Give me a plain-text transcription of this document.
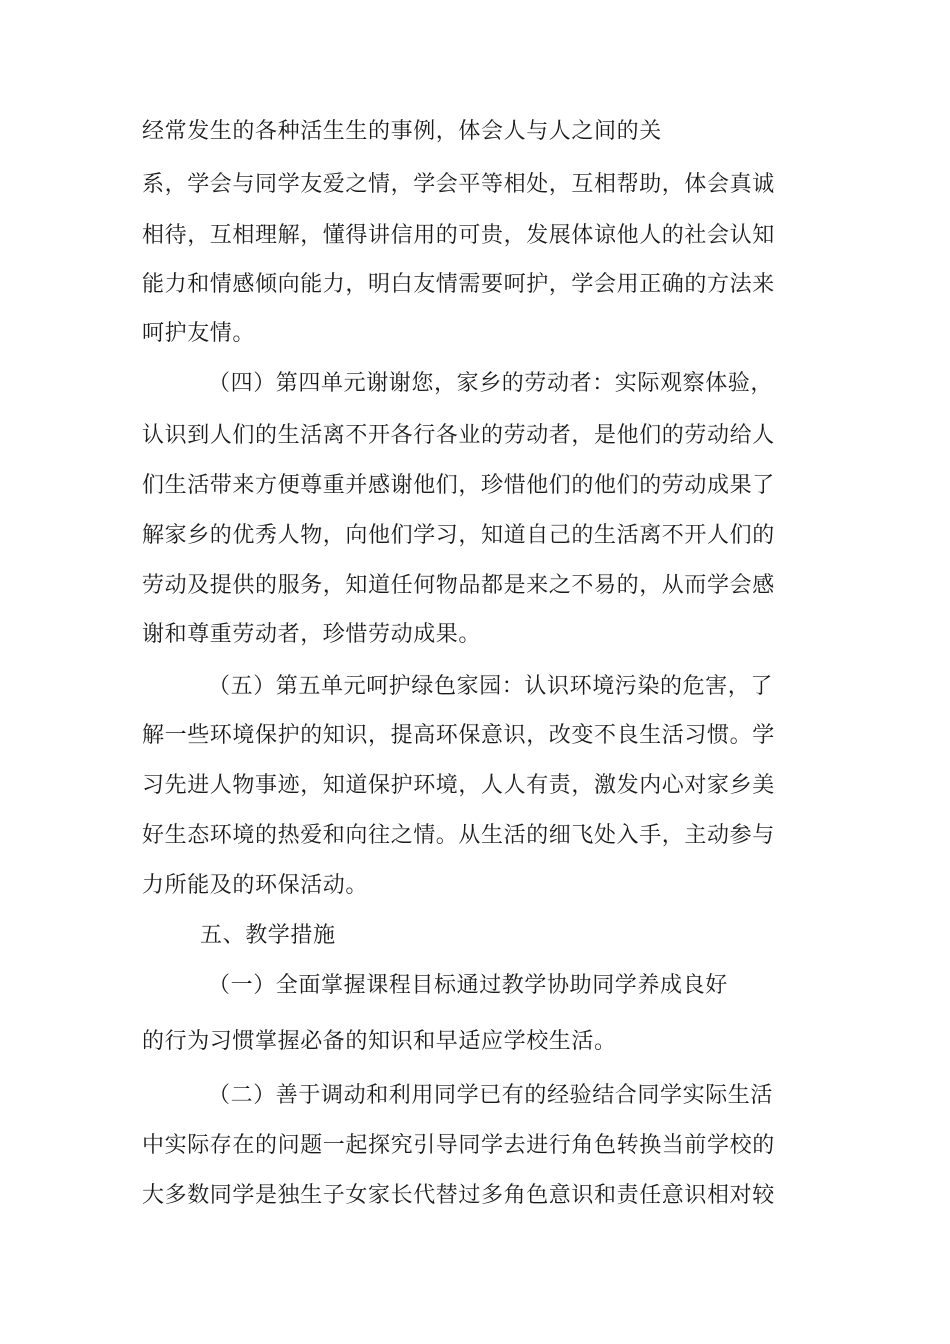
经常发生的各种活生生的事例，体会人与人之间的关
系，学会与同学友爱之情，学会平等相处，互相帮助，体会真诚
相待，互相理解，懂得讲信用的可贵，发展体谅他人的社会认知
能力和情感倾向能力，明白友情需要呵护，学会用正确的方法来
呵护友情。
（四）第四单元谢谢您，家乡的劳动者：实际观察体验，
认识到人们的生活离不开各行各业的劳动者，是他们的劳动给人
们生活带来方便尊重并感谢他们，珍惜他们的他们的劳动成果了
解家乡的优秀人物，向他们学习，知道自己的生活离不开人们的
劳动及提供的服务，知道任何物品都是来之不易的，从而学会感
谢和尊重劳动者，珍惜劳动成果。
（五）第五单元呵护绿色家园：认识环境污染的危害，了
解一些环境保护的知识，提高环保意识，改变不良生活习惯。学
习先进人物事迹，知道保护环境，人人有责，激发内心对家乡美
好生态环境的热爱和向往之情。从生活的细飞处入手，主动参与
力所能及的环保活动。
五、教学措施
（一）全面掌握课程目标通过教学协助同学养成良好
的行为习惯掌握必备的知识和早适应学校生活。
（二）善于调动和利用同学已有的经验结合同学实际生活
中实际存在的问题一起探究引导同学去进行角色转换当前学校的
大多数同学是独生子女家长代替过多角色意识和责任意识相对较
